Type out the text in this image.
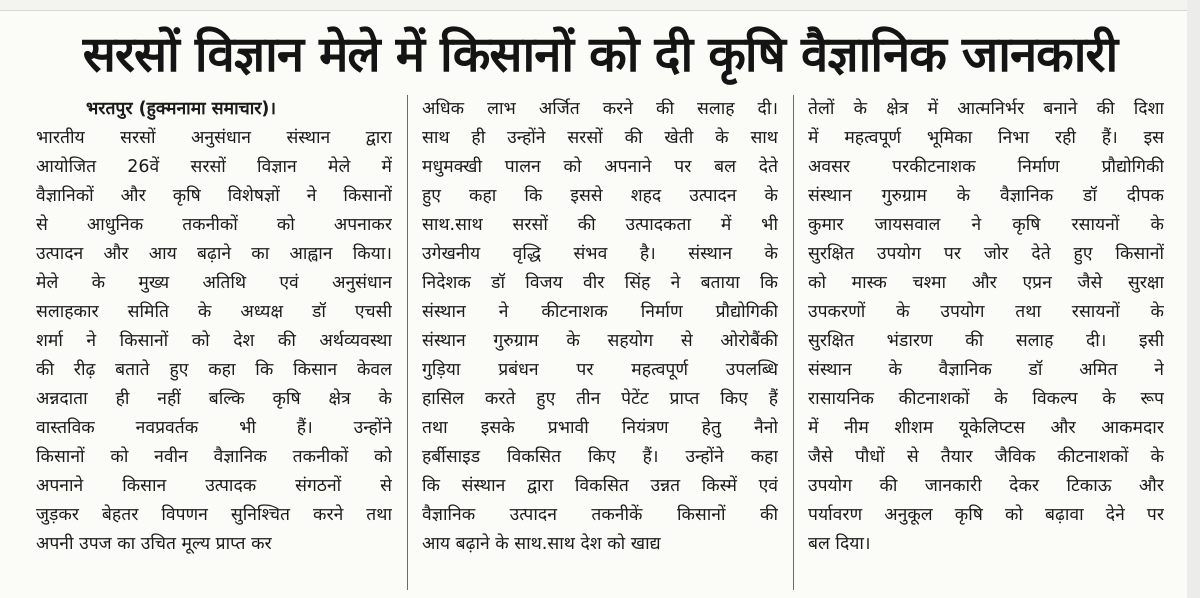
सरसों विज्ञान मेले में किसानों को दी कृषि वैज्ञानिक जानकारी
भरतपुर (हुक्मनामा समाचार)।
भारतीय सरसों अनुसंधान संस्थान द्वारा
आयोजित 26वें सरसों विज्ञान मेले में
वैज्ञानिकों और कृषि विशेषज्ञों ने किसानों
से आधुनिक तकनीकों को अपनाकर
उत्पादन और आय बढ़ाने का आह्वान किया।
मेले के मुख्य अतिथि एवं अनुसंधान
सलाहकार समिति के अध्यक्ष डॉ एचसी
शर्मा ने किसानों को देश की अर्थव्यवस्था
की रीढ़ बताते हुए कहा कि किसान केवल
अन्नदाता ही नहीं बल्कि कृषि क्षेत्र के
वास्तविक नवप्रवर्तक भी हैं। उन्होंने
किसानों को नवीन वैज्ञानिक तकनीकों को
अपनाने किसान उत्पादक संगठनों से
जुड़कर बेहतर विपणन सुनिश्चित करने तथा
अपनी उपज का उचित मूल्य प्राप्त कर
अधिक लाभ अर्जित करने की सलाह दी।
साथ ही उन्होंने सरसों की खेती के साथ
मधुमक्खी पालन को अपनाने पर बल देते
हुए कहा कि इससे शहद उत्पादन के
साथ.साथ सरसों की उत्पादकता में भी
उगेखनीय वृद्धि संभव है। संस्थान के
निदेशक डॉ विजय वीर सिंह ने बताया कि
संस्थान ने कीटनाशक निर्माण प्रौद्योगिकी
संस्थान गुरुग्राम के सहयोग से ओरोबैंकी
गुड़िया प्रबंधन पर महत्वपूर्ण उपलब्धि
हासिल करते हुए तीन पेटेंट प्राप्त किए हैं
तथा इसके प्रभावी नियंत्रण हेतु नैनो
हर्बीसाइड विकसित किए हैं। उन्होंने कहा
कि संस्थान द्वारा विकसित उन्नत किस्में एवं
वैज्ञानिक उत्पादन तकनीकें किसानों की
आय बढ़ाने के साथ.साथ देश को खाद्य
तेलों के क्षेत्र में आत्मनिर्भर बनाने की दिशा
में महत्वपूर्ण भूमिका निभा रही हैं। इस
अवसर परकीटनाशक निर्माण प्रौद्योगिकी
संस्थान गुरुग्राम के वैज्ञानिक डॉ दीपक
कुमार जायसवाल ने कृषि रसायनों के
सुरक्षित उपयोग पर जोर देते हुए किसानों
को मास्क चश्मा और एप्रन जैसे सुरक्षा
उपकरणों के उपयोग तथा रसायनों के
सुरक्षित भंडारण की सलाह दी। इसी
संस्थान के वैज्ञानिक डॉ अमित ने
रासायनिक कीटनाशकों के विकल्प के रूप
में नीम शीशम यूकेलिप्टस और आकमदार
जैसे पौधों से तैयार जैविक कीटनाशकों के
उपयोग की जानकारी देकर टिकाऊ और
पर्यावरण अनुकूल कृषि को बढ़ावा देने पर
बल दिया।
